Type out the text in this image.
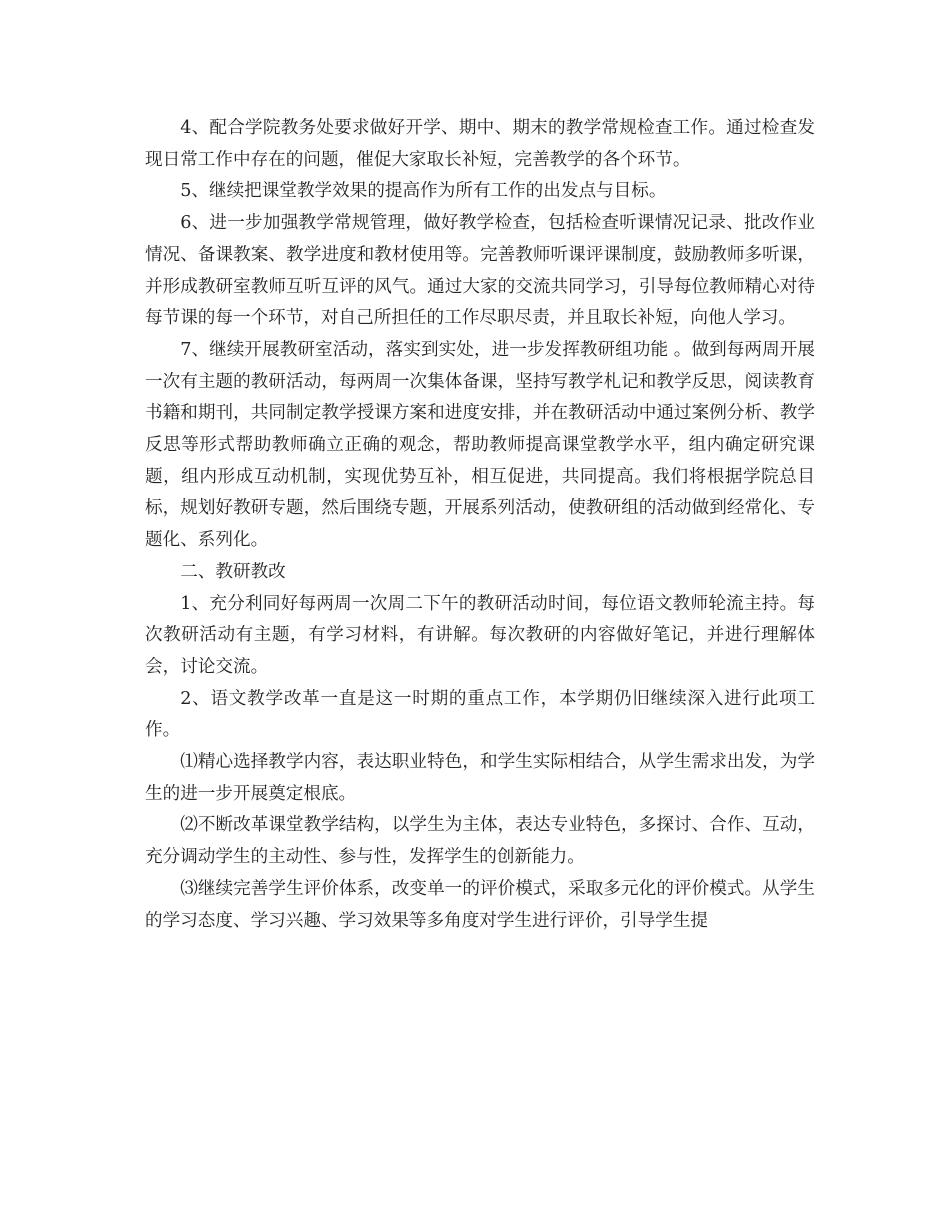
4、配合学院教务处要求做好开学、期中、期末的教学常规检查工作。通过检查发现日常工作中存在的问题，催促大家取长补短，完善教学的各个环节。

5、继续把课堂教学效果的提高作为所有工作的出发点与目标。

6、进一步加强教学常规管理，做好教学检查，包括检查听课情况记录、批改作业情况、备课教案、教学进度和教材使用等。完善教师听课评课制度，鼓励教师多听课，并形成教研室教师互听互评的风气。通过大家的交流共同学习，引导每位教师精心对待每节课的每一个环节，对自己所担任的工作尽职尽责，并且取长补短，向他人学习。

7、继续开展教研室活动，落实到实处，进一步发挥教研组功能 。做到每两周开展一次有主题的教研活动，每两周一次集体备课，坚持写教学札记和教学反思，阅读教育书籍和期刊，共同制定教学授课方案和进度安排，并在教研活动中通过案例分析、教学反思等形式帮助教师确立正确的观念，帮助教师提高课堂教学水平，组内确定研究课题，组内形成互动机制，实现优势互补，相互促进，共同提高。我们将根据学院总目标，规划好教研专题，然后围绕专题，开展系列活动，使教研组的活动做到经常化、专题化、系列化。

二、教研教改

1、充分利同好每两周一次周二下午的教研活动时间，每位语文教师轮流主持。每次教研活动有主题，有学习材料，有讲解。每次教研的内容做好笔记，并进行理解体会，讨论交流。

2、语文教学改革一直是这一时期的重点工作，本学期仍旧继续深入进行此项工作。

⑴精心选择教学内容，表达职业特色，和学生实际相结合，从学生需求出发，为学生的进一步开展奠定根底。

⑵不断改革课堂教学结构，以学生为主体，表达专业特色，多探讨、合作、互动，充分调动学生的主动性、参与性，发挥学生的创新能力。

⑶继续完善学生评价体系，改变单一的评价模式，采取多元化的评价模式。从学生的学习态度、学习兴趣、学习效果等多角度对学生进行评价，引导学生提
